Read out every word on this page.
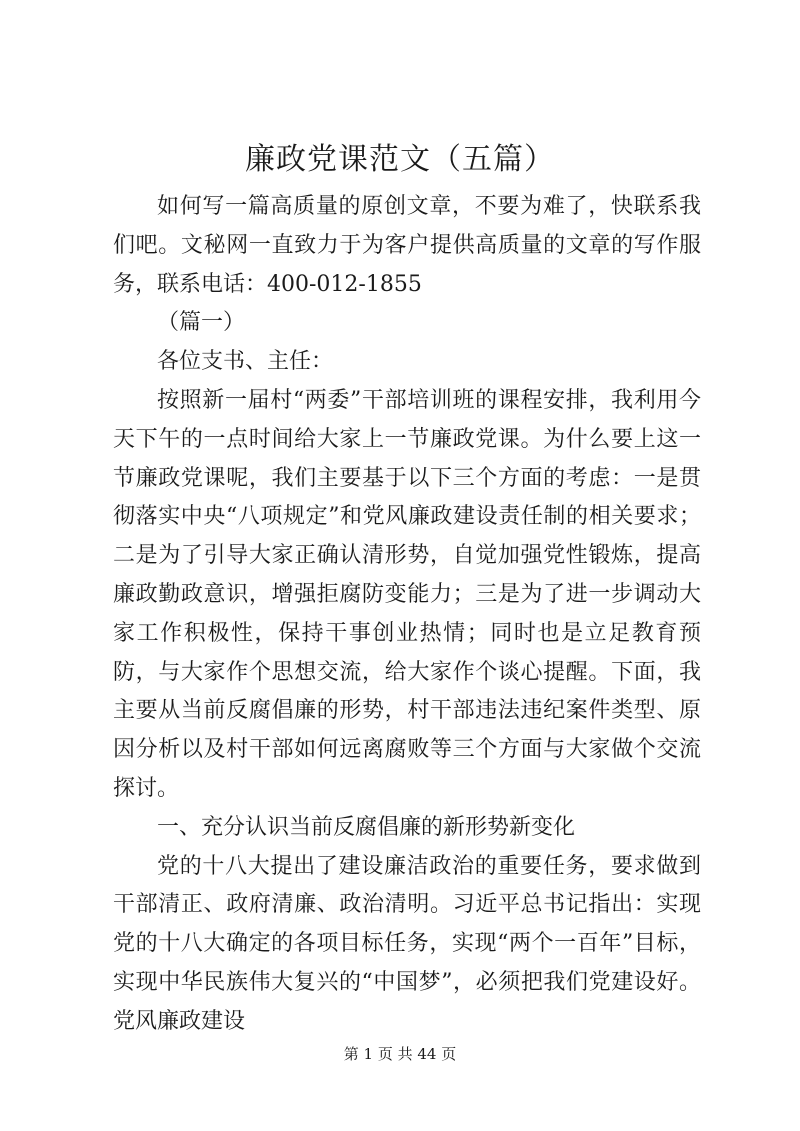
廉政党课范文（五篇）

如何写一篇高质量的原创文章，不要为难了，快联系我们吧。文秘网一直致力于为客户提供高质量的文章的写作服务，联系电话：400-012-1855

（篇一）

各位支书、主任：

按照新一届村“两委”干部培训班的课程安排，我利用今天下午的一点时间给大家上一节廉政党课。为什么要上这一节廉政党课呢，我们主要基于以下三个方面的考虑：一是贯彻落实中央“八项规定”和党风廉政建设责任制的相关要求；二是为了引导大家正确认清形势，自觉加强党性锻炼，提高廉政勤政意识，增强拒腐防变能力；三是为了进一步调动大家工作积极性，保持干事创业热情；同时也是立足教育预防，与大家作个思想交流，给大家作个谈心提醒。下面，我主要从当前反腐倡廉的形势，村干部违法违纪案件类型、原因分析以及村干部如何远离腐败等三个方面与大家做个交流探讨。

一、充分认识当前反腐倡廉的新形势新变化

党的十八大提出了建设廉洁政治的重要任务，要求做到干部清正、政府清廉、政治清明。习近平总书记指出：实现党的十八大确定的各项目标任务，实现“两个一百年”目标，实现中华民族伟大复兴的“中国梦”，必须把我们党建设好。党风廉政建设

第 1 页 共 44 页
